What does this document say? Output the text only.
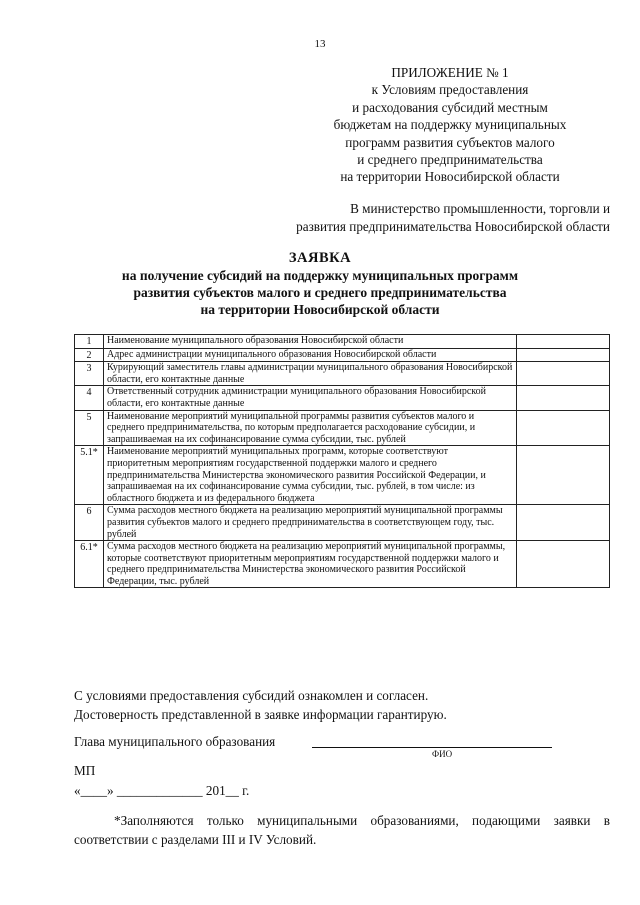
13
ПРИЛОЖЕНИЕ № 1
к Условиям предоставления
и расходования субсидий местным
бюджетам на поддержку муниципальных
программ развития субъектов малого
и среднего предпринимательства
на территории Новосибирской области
В министерство промышленности, торговли и
развития предпринимательства Новосибирской области
ЗАЯВКА
на получение субсидий на поддержку муниципальных программ
развития субъектов малого и среднего предпринимательства
на территории Новосибирской области
1	Наименование муниципального образования Новосибирской области	
2	Адрес администрации муниципального образования Новосибирской области	
3	Курирующий заместитель главы администрации муниципального образования Новосибирской области, его контактные данные	
4	Ответственный сотрудник администрации муниципального образования Новосибирской области, его контактные данные	
5	Наименование мероприятий муниципальной программы развития субъектов малого и среднего предпринимательства, по которым предполагается расходование субсидии, и запрашиваемая на их софинансирование сумма субсидии, тыс. рублей	
5.1*	Наименование мероприятий муниципальных программ, которые соответствуют приоритетным мероприятиям государственной поддержки малого и среднего предпринимательства Министерства экономического развития Российской Федерации, и запрашиваемая на их софинансирование сумма субсидии, тыс. рублей, в том числе: из областного бюджета и из федерального бюджета	
6	Сумма расходов местного бюджета на реализацию мероприятий муниципальной программы развития субъектов малого и среднего предпринимательства в соответствующем году, тыс. рублей	
6.1*	Сумма расходов местного бюджета на реализацию мероприятий муниципальной программы, которые соответствуют приоритетным мероприятиям государственной поддержки малого и среднего предпринимательства Министерства экономического развития Российской Федерации, тыс. рублей	
С условиями предоставления субсидий ознакомлен и согласен.
Достоверность представленной в заявке информации гарантирую.
Глава муниципального образования
ФИО
МП
«____» _____________ 201__ г.
*Заполняются только муниципальными образованиями, подающими заявки в соответствии с разделами III и IV Условий.
